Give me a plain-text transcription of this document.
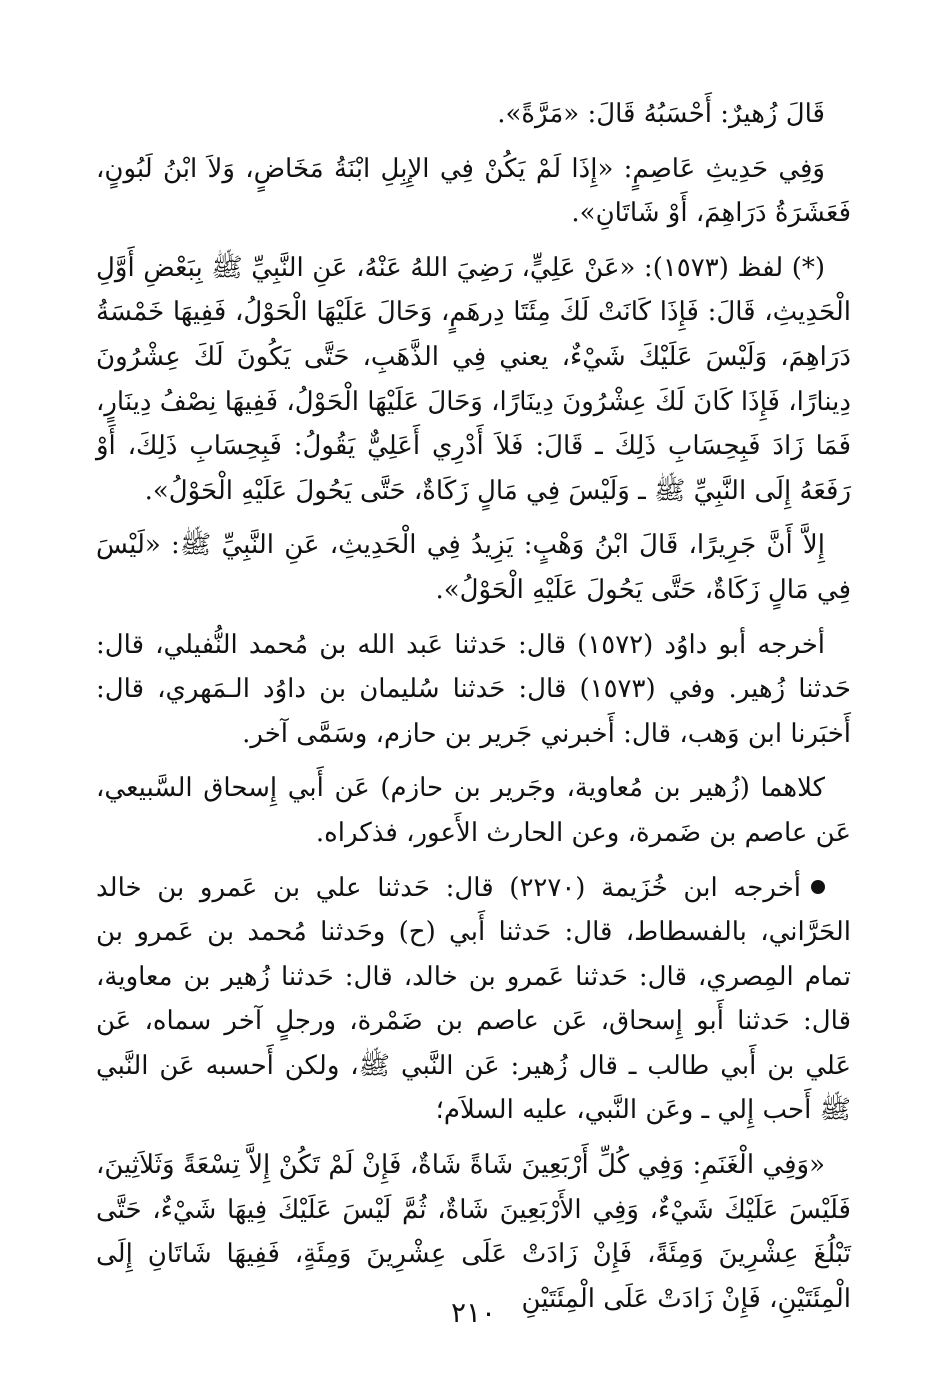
قَالَ زُهيرٌ: أَحْسَبُهُ قَالَ: «مَرَّةً».

وَفِي حَدِيثِ عَاصِمٍ: «إِذَا لَمْ يَكُنْ فِي الإِبِلِ ابْنَةُ مَخَاضٍ، وَلاَ ابْنُ لَبُونٍ، فَعَشَرَةُ دَرَاهِمَ، أَوْ شَاتَانِ».

(*) لفظ (١٥٧٣): «عَنْ عَلِيٍّ، رَضِيَ اللهُ عَنْهُ، عَنِ النَّبِيِّ ﷺ بِبَعْضِ أَوَّلِ الْحَدِيثِ، قَالَ: فَإِذَا كَانَتْ لَكَ مِئَتَا دِرهَمٍ، وَحَالَ عَلَيْهَا الْحَوْلُ، فَفِيهَا خَمْسَةُ دَرَاهِمَ، وَلَيْسَ عَلَيْكَ شَيْءٌ، يعني فِي الذَّهَبِ، حَتَّى يَكُونَ لَكَ عِشْرُونَ دِينارًا، فَإِذَا كَانَ لَكَ عِشْرُونَ دِينَارًا، وَحَالَ عَلَيْهَا الْحَوْلُ، فَفِيهَا نِصْفُ دِينَارٍ، فَمَا زَادَ فَبِحِسَابِ ذَلِكَ ـ قَالَ: فَلاَ أَدْرِي أَعَلِيٌّ يَقُولُ: فَبِحِسَابِ ذَلِكَ، أَوْ رَفَعَهُ إِلَى النَّبِيِّ ﷺ ـ وَلَيْسَ فِي مَالٍ زَكَاةٌ، حَتَّى يَحُولَ عَلَيْهِ الْحَوْلُ».

إِلاَّ أَنَّ جَرِيرًا، قَالَ ابْنُ وَهْبٍ: يَزِيدُ فِي الْحَدِيثِ، عَنِ النَّبِيِّ ﷺ: «لَيْسَ فِي مَالٍ زَكَاةٌ، حَتَّى يَحُولَ عَلَيْهِ الْحَوْلُ».

أخرجه أبو داوُد (١٥٧٢) قال: حَدثنا عَبد الله بن مُحمد النُّفيلي، قال: حَدثنا زُهير. وفي (١٥٧٣) قال: حَدثنا سُليمان بن داوُد الـمَهري، قال: أَخبَرنا ابن وَهب، قال: أَخبرني جَرير بن حازم، وسَمَّى آخر.

كلاهما (زُهير بن مُعاوية، وجَرير بن حازم) عَن أَبي إِسحاق السَّبيعي، عَن عاصم بن ضَمرة، وعن الحارث الأَعور، فذكراه.

أخرجه ابن خُزَيمة (٢٢٧٠) قال: حَدثنا علي بن عَمرو بن خالد الحَرَّاني، بالفسطاط، قال: حَدثنا أَبي (ح) وحَدثنا مُحمد بن عَمرو بن تمام المِصري، قال: حَدثنا عَمرو بن خالد، قال: حَدثنا زُهير بن معاوية، قال: حَدثنا أَبو إِسحاق، عَن عاصم بن ضَمْرة، ورجلٍ آخر سماه، عَن عَلي بن أَبي طالب ـ قال زُهير: عَن النَّبي ﷺ، ولكن أَحسبه عَن النَّبي ﷺ أَحب إِلي ـ وعَن النَّبي، عليه السلاَم؛

«وَفِي الْغَنَمِ: وَفِي كُلِّ أَرْبَعِينَ شَاةً شَاةٌ، فَإِنْ لَمْ تَكُنْ إِلاَّ تِسْعَةً وَثَلاَثِينَ، فَلَيْسَ عَلَيْكَ شَيْءٌ، وَفِي الأَرْبَعِينَ شَاةٌ، ثُمَّ لَيْسَ عَلَيْكَ فِيهَا شَيْءٌ، حَتَّى تَبْلُغَ عِشْرِينَ وَمِئَةً، فَإِنْ زَادَتْ عَلَى عِشْرِينَ وَمِئَةٍ، فَفِيهَا شَاتَانِ إِلَى الْمِئَتَيْنِ، فَإِنْ زَادَتْ عَلَى الْمِئَتَيْنِ

٢١٠
